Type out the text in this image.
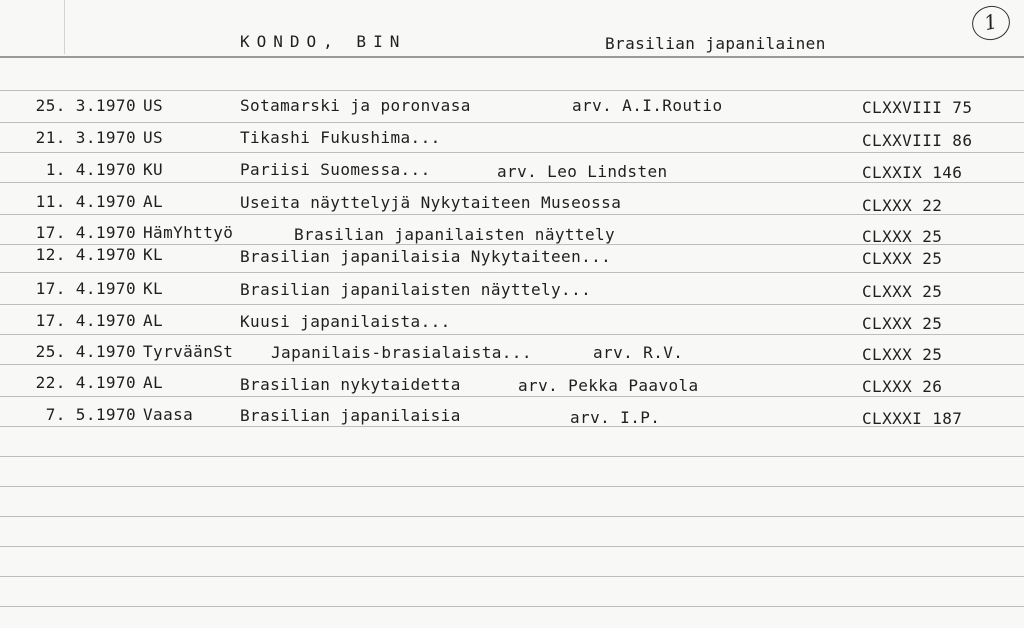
KONDO, BIN	Brasilian japanilainen
1
25. 3.1970 US	Sotamarski ja poronvasa	arv. A.I.Routio	CLXXVIII 75
21. 3.1970 US	Tikashi Fukushima...	CLXXVIII 86
1. 4.1970 KU	Pariisi Suomessa...	arv. Leo Lindsten	CLXXIX 146
11. 4.1970 AL	Useita näyttelyjä Nykytaiteen Museossa	CLXXX 22
17. 4.1970 HämYhttyö	Brasilian japanilaisten näyttely	CLXXX 25
12. 4.1970 KL	Brasilian japanilaisia Nykytaiteen...	CLXXX 25
17. 4.1970 KL	Brasilian japanilaisten näyttely...	CLXXX 25
17. 4.1970 AL	Kuusi japanilaista...	CLXXX 25
25. 4.1970 TyrväänSt Japanilais-brasialaista...	arv. R.V.	CLXXX 25
22. 4.1970 AL	Brasilian nykytaidetta	arv. Pekka Paavola	CLXXX 26
7. 5.1970 Vaasa	Brasilian japanilaisia	arv. I.P.	CLXXXI 187
